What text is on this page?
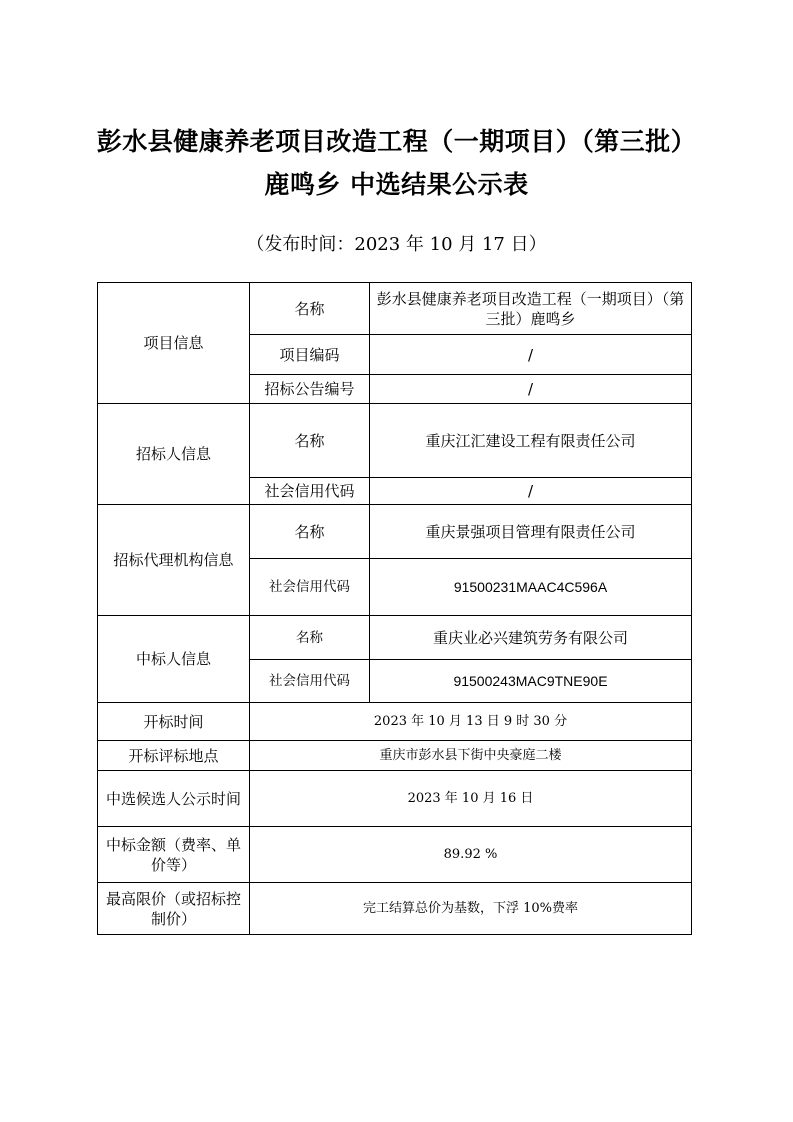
彭水县健康养老项目改造工程（一期项目）（第三批）
鹿鸣乡 中选结果公示表
（发布时间：2023 年 10 月 17 日）
项目信息	名称	彭水县健康养老项目改造工程（一期项目）（第三批）鹿鸣乡
	项目编码	/
	招标公告编号	/
招标人信息	名称	重庆江汇建设工程有限责任公司
	社会信用代码	/
招标代理机构信息	名称	重庆景强项目管理有限责任公司
	社会信用代码	91500231MAAC4C596A
中标人信息	名称	重庆业必兴建筑劳务有限公司
	社会信用代码	91500243MAC9TNE90E
开标时间	2023 年 10 月 13 日 9 时 30 分	
开标评标地点	重庆市彭水县下街中央豪庭二楼	
中选候选人公示时间	2023 年 10 月 16 日	
中标金额（费率、单价等）	89.92 %	
最高限价（或招标控制价）	完工结算总价为基数，下浮 10%费率	
